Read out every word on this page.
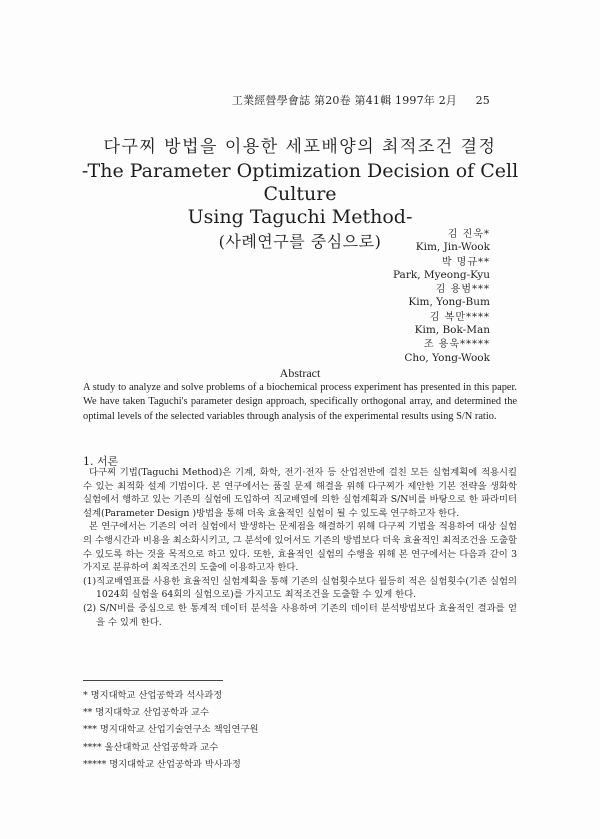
工業經營學會誌 第20卷 第41輯 1997年 2月 25
다구찌 방법을 이용한 세포배양의 최적조건 결정
-The Parameter Optimization Decision of Cell Culture
Using Taguchi Method-
(사례연구를 중심으로)	김 진욱*
Kim, Jin-Wook
박 명규**
Park, Myeong-Kyu
김 용범***
Kim, Yong-Bum
김 복만****
Kim, Bok-Man
조 용욱*****
Cho, Yong-Wook
Abstract
A study to analyze and solve problems of a biochemical process experiment has presented in this paper. We have taken Taguchi's parameter design approach, specifically orthogonal array, and determined the optimal levels of the selected variables through analysis of the experimental results using S/N ratio.
1. 서론

다구찌 기법(Taguchi Method)은 기계, 화학, 전기·전자 등 산업전반에 걸친 모든 실험계획에 적용시킬 수 있는 최적화 설계 기법이다. 본 연구에서는 품질 문제 해결을 위해 다구찌가 제안한 기본 전략을 생화학 실험에서 행하고 있는 기존의 실험에 도입하여 직교배열에 의한 실험계획과 S/N비를 바탕으로 한 파라미터 설계(Parameter Design )방법을 통해 더욱 효율적인 실험이 될 수 있도록 연구하고자 한다.

본 연구에서는 기존의 여러 실험에서 발생하는 문제점을 해결하기 위해 다구찌 기법을 적용하여 대상 실험의 수행시간과 비용을 최소화시키고, 그 분석에 있어서도 기존의 방법보다 더욱 효율적인 최적조건을 도출할 수 있도록 하는 것을 목적으로 하고 있다. 또한, 효율적인 실험의 수행을 위해 본 연구에서는 다음과 같이 3가지로 분류하여 최적조건의 도출에 이용하고자 한다.

(1)직교배열표를 사용한 효율적인 실험계획을 통해 기존의 실험횟수보다 월등히 적은 실험횟수(기존 실험의 1024회 실험을 64회의 실험으로)를 가지고도 최적조건을 도출할 수 있게 한다.

(2) S/N비를 중심으로 한 통계적 데이터 분석을 사용하여 기존의 데이터 분석방법보다 효율적인 결과를 얻을 수 있게 한다.

* 명지대학교 산업공학과 석사과정
** 명지대학교 산업공학과 교수
*** 명지대학교 산업기술연구소 책임연구원
**** 울산대학교 산업공학과 교수
***** 명지대학교 산업공학과 박사과정
